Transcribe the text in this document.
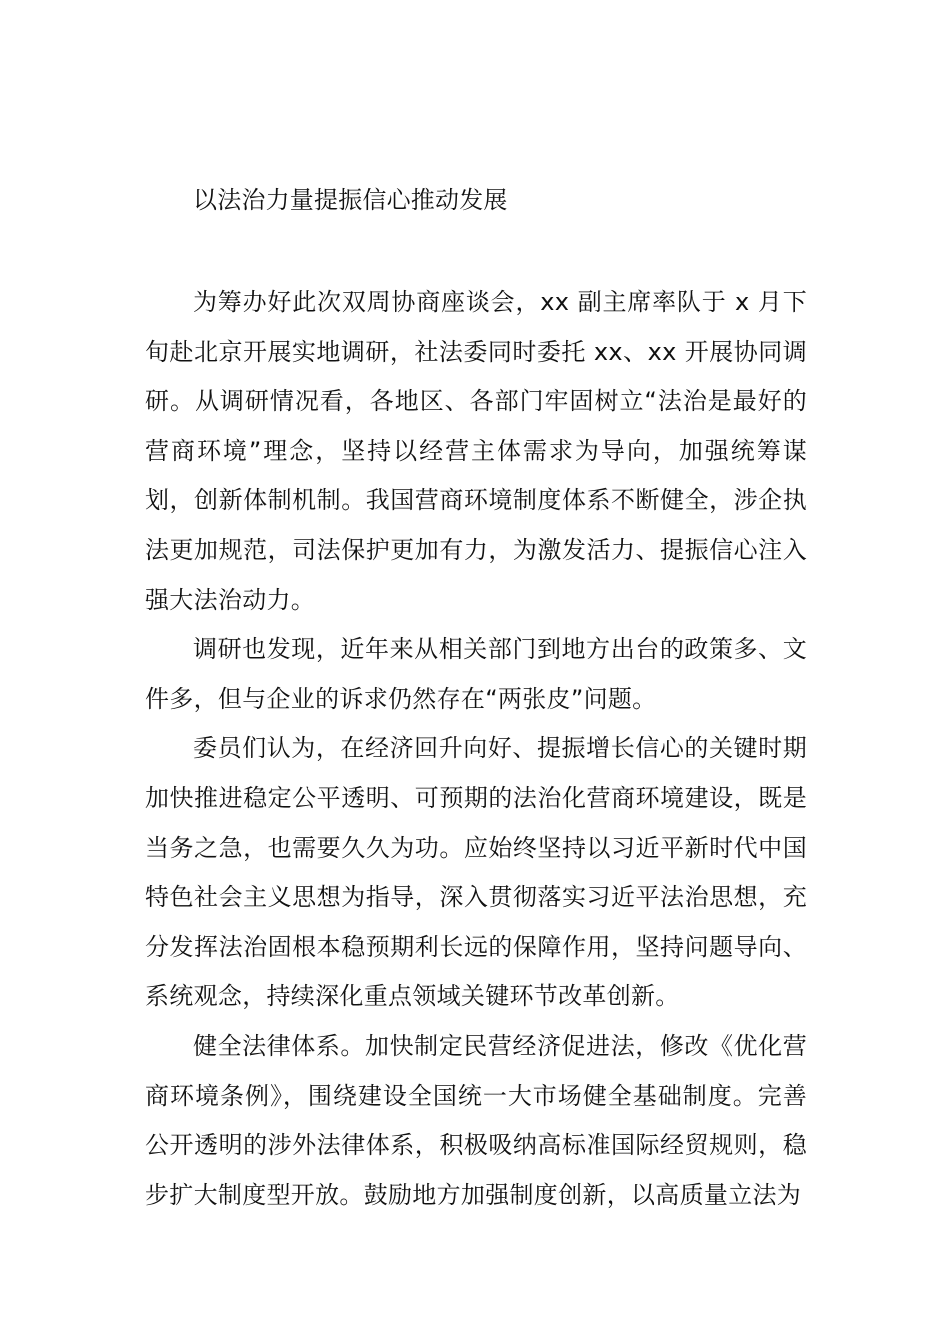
以法治力量提振信心推动发展

为筹办好此次双周协商座谈会，xx 副主席率队于 x 月下旬赴北京开展实地调研，社法委同时委托 xx、xx 开展协同调研。从调研情况看，各地区、各部门牢固树立“法治是最好的营商环境”理念，坚持以经营主体需求为导向，加强统筹谋划，创新体制机制。我国营商环境制度体系不断健全，涉企执法更加规范，司法保护更加有力，为激发活力、提振信心注入强大法治动力。

调研也发现，近年来从相关部门到地方出台的政策多、文件多，但与企业的诉求仍然存在“两张皮”问题。

委员们认为，在经济回升向好、提振增长信心的关键时期加快推进稳定公平透明、可预期的法治化营商环境建设，既是当务之急，也需要久久为功。应始终坚持以习近平新时代中国特色社会主义思想为指导，深入贯彻落实习近平法治思想，充分发挥法治固根本稳预期利长远的保障作用，坚持问题导向、系统观念，持续深化重点领域关键环节改革创新。

健全法律体系。加快制定民营经济促进法，修改《优化营商环境条例》，围绕建设全国统一大市场健全基础制度。完善公开透明的涉外法律体系，积极吸纳高标准国际经贸规则，稳步扩大制度型开放。鼓励地方加强制度创新，以高质量立法为
